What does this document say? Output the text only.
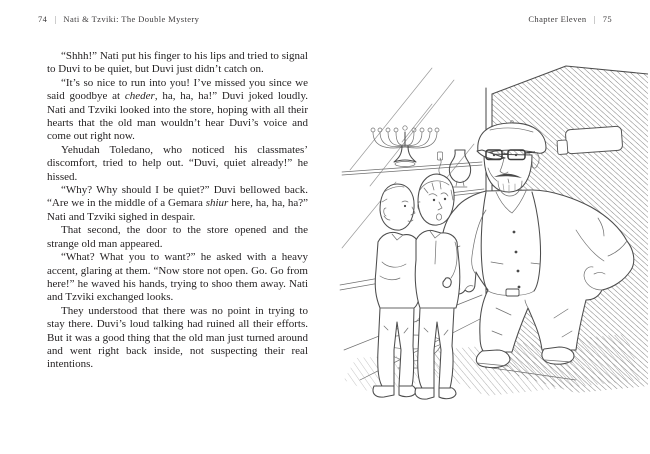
74 | Nati & Tzviki: The Double Mystery

“Shhh!” Nati put his finger to his lips and tried to signal to Duvi to be quiet, but Duvi just didn’t catch on.

“It’s so nice to run into you! I’ve missed you since we said goodbye at cheder, ha, ha, ha!” Duvi joked loudly. Nati and Tzviki looked into the store, hoping with all their hearts that the old man wouldn’t hear Duvi’s voice and come out right now.

Yehudah Toledano, who noticed his classmates’ discomfort, tried to help out. “Duvi, quiet already!” he hissed.

“Why? Why should I be quiet?” Duvi bellowed back. “Are we in the middle of a Gemara shiur here, ha, ha, ha?” Nati and Tzviki sighed in despair.

That second, the door to the store opened and the strange old man appeared.

“What? What you to want?” he asked with a heavy accent, glaring at them. “Now store not open. Go. Go from here!” he waved his hands, trying to shoo them away. Nati and Tzviki exchanged looks.

They understood that there was no point in trying to stay there. Duvi’s loud talking had ruined all their efforts. But it was a good thing that the old man just turned around and went right back inside, not suspecting their real intentions.

Chapter Eleven | 75
